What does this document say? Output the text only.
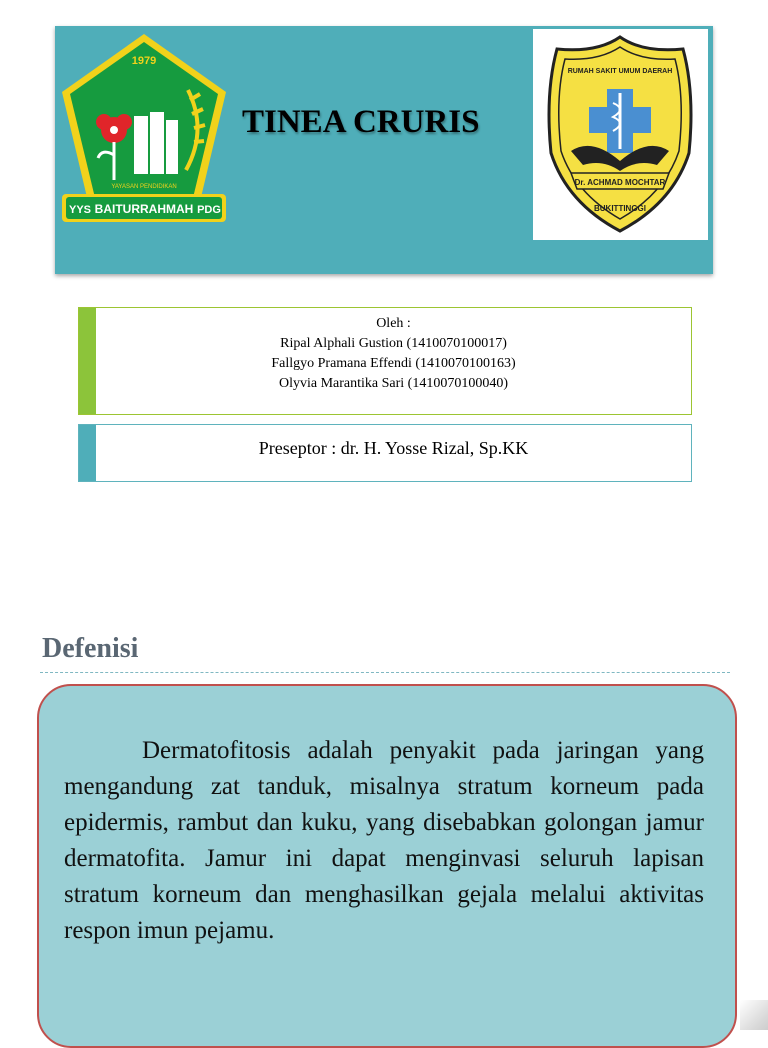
1979
YAYASAN PENDIDIKAN
YYS BAITURRAHMAH PDG
TINEA CRURIS
RUMAH SAKIT UMUM DAERAH
Dr. ACHMAD MOCHTAR
BUKITTINGGI
Oleh :
Ripal Alphali Gustion (1410070100017)
Fallgyo Pramana Effendi (1410070100163)
Olyvia Marantika Sari (1410070100040)
Preseptor : dr. H. Yosse Rizal, Sp.KK
Defenisi
Dermatofitosis adalah penyakit pada jaringan yang mengandung zat tanduk, misalnya stratum korneum pada epidermis, rambut dan kuku, yang disebabkan golongan jamur dermatofita. Jamur ini dapat menginvasi seluruh lapisan stratum korneum dan menghasilkan gejala melalui aktivitas respon imun pejamu.
